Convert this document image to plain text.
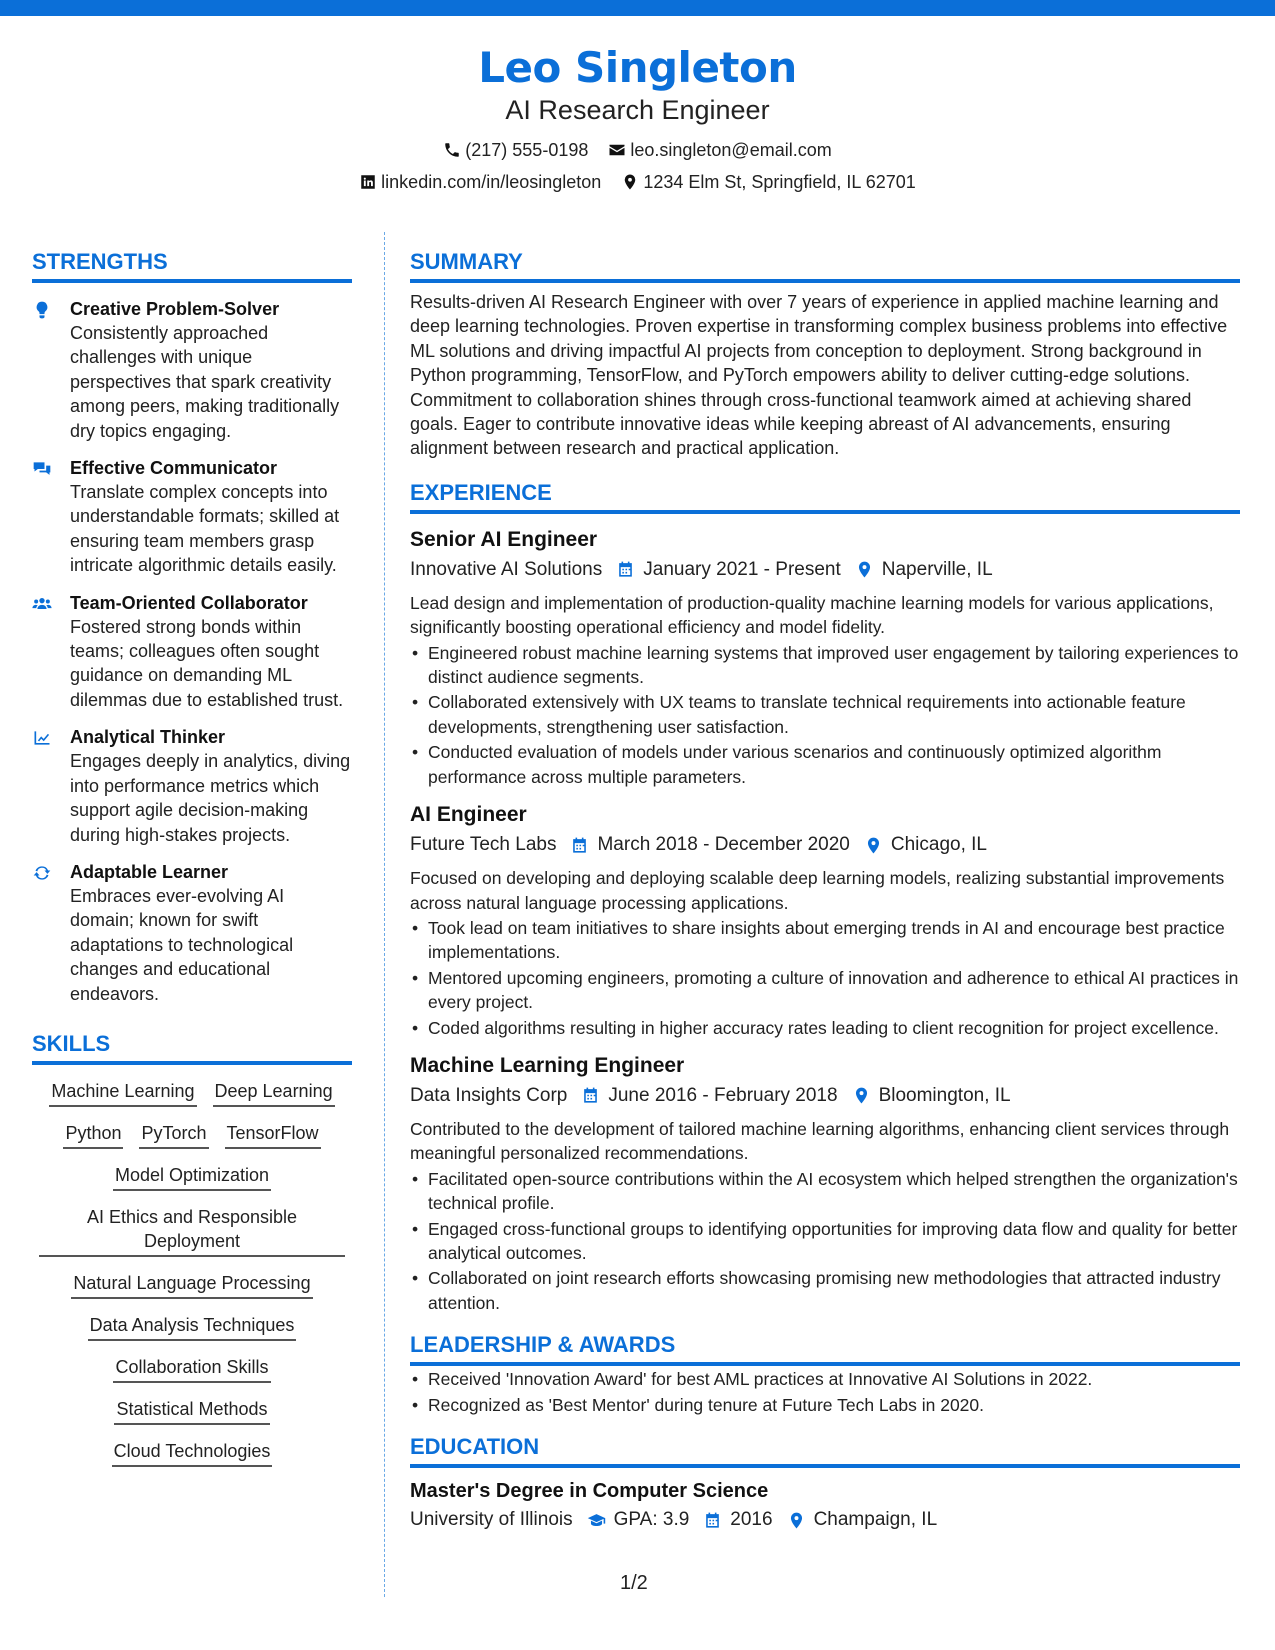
Leo Singleton
AI Research Engineer
(217) 555-0198 leo.singleton@email.com
linkedin.com/in/leosingleton 1234 Elm St, Springfield, IL 62701
STRENGTHS
Creative Problem-Solver

Consistently approached challenges with unique perspectives that spark creativity among peers, making traditionally dry topics engaging.

Effective Communicator

Translate complex concepts into understandable formats; skilled at ensuring team members grasp intricate algorithmic details easily.

Team-Oriented Collaborator

Fostered strong bonds within teams; colleagues often sought guidance on demanding ML dilemmas due to established trust.

Analytical Thinker

Engages deeply in analytics, diving into performance metrics which support agile decision-making during high-stakes projects.

Adaptable Learner

Embraces ever-evolving AI domain; known for swift adaptations to technological changes and educational endeavors.

SKILLS
Machine Learning Deep Learning
Python PyTorch TensorFlow
Model Optimization
AI Ethics and Responsible Deployment
Natural Language Processing
Data Analysis Techniques
Collaboration Skills
Statistical Methods
Cloud Technologies
SUMMARY

Results-driven AI Research Engineer with over 7 years of experience in applied machine learning and deep learning technologies. Proven expertise in transforming complex business problems into effective ML solutions and driving impactful AI projects from conception to deployment. Strong background in Python programming, TensorFlow, and PyTorch empowers ability to deliver cutting-edge solutions. Commitment to collaboration shines through cross-functional teamwork aimed at achieving shared goals. Eager to contribute innovative ideas while keeping abreast of AI advancements, ensuring alignment between research and practical application.

EXPERIENCE
Senior AI Engineer
Innovative AI Solutions January 2021 - Present Naperville, IL

Lead design and implementation of production-quality machine learning models for various applications, significantly boosting operational efficiency and model fidelity.

• Engineered robust machine learning systems that improved user engagement by tailoring experiences to distinct audience segments.
• Collaborated extensively with UX teams to translate technical requirements into actionable feature developments, strengthening user satisfaction.
• Conducted evaluation of models under various scenarios and continuously optimized algorithm performance across multiple parameters.
AI Engineer
Future Tech Labs March 2018 - December 2020 Chicago, IL

Focused on developing and deploying scalable deep learning models, realizing substantial improvements across natural language processing applications.

• Took lead on team initiatives to share insights about emerging trends in AI and encourage best practice implementations.
• Mentored upcoming engineers, promoting a culture of innovation and adherence to ethical AI practices in every project.
• Coded algorithms resulting in higher accuracy rates leading to client recognition for project excellence.
Machine Learning Engineer
Data Insights Corp June 2016 - February 2018 Bloomington, IL

Contributed to the development of tailored machine learning algorithms, enhancing client services through meaningful personalized recommendations.

• Facilitated open-source contributions within the AI ecosystem which helped strengthen the organization's technical profile.
• Engaged cross-functional groups to identifying opportunities for improving data flow and quality for better analytical outcomes.
• Collaborated on joint research efforts showcasing promising new methodologies that attracted industry attention.
LEADERSHIP & AWARDS
• Received 'Innovation Award' for best AML practices at Innovative AI Solutions in 2022.
• Recognized as 'Best Mentor' during tenure at Future Tech Labs in 2020.
EDUCATION
Master's Degree in Computer Science
University of Illinois GPA: 3.9 2016 Champaign, IL
1/2
